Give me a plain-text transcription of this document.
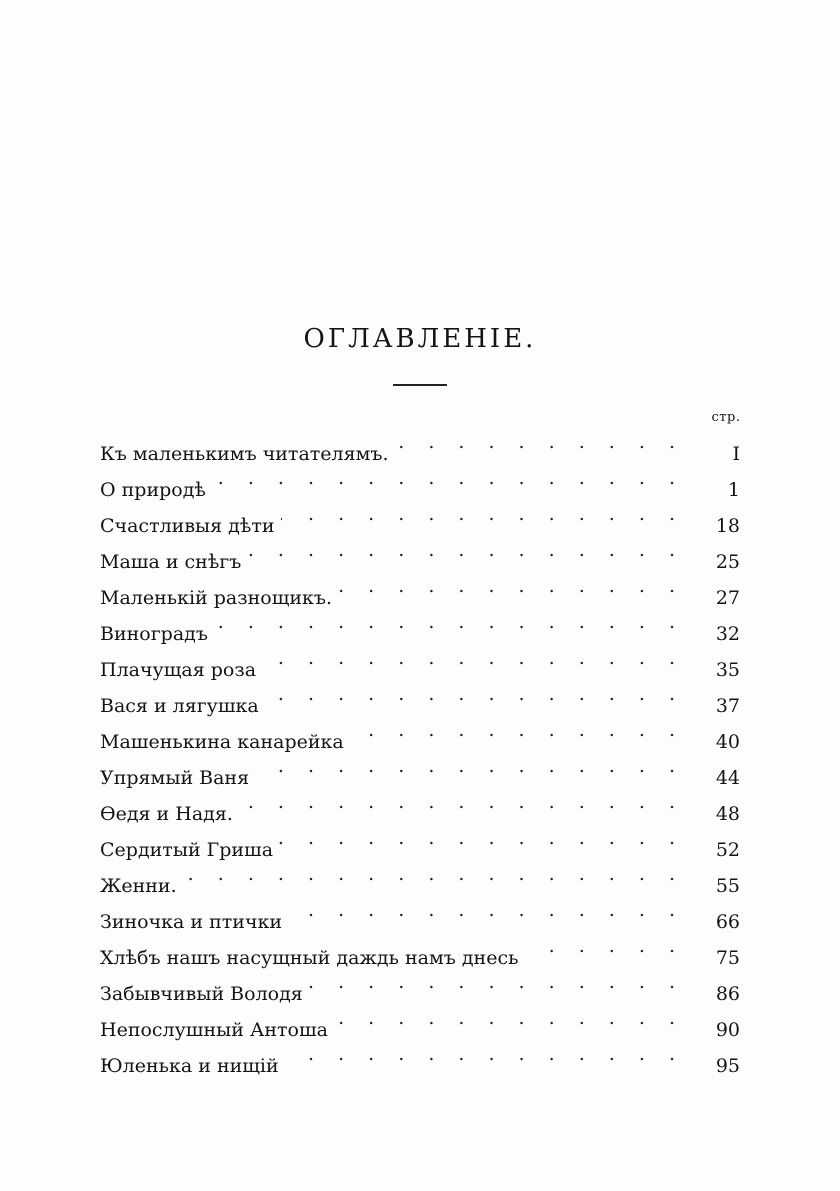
ОГЛАВЛЕНІЕ.
стр.
Къ маленькимъ читателямъ. . . .	I
О природѣ . . .	1
Счастливыя дѣти . . .	18
Маша и снѣгъ . . .	25
Маленькій разнощикъ. . . .	27
Виноградъ . . .	32
Плачущая роза . . .	35
Вася и лягушка . . .	37
Машенькина канарейка . . .	40
Упрямый Ваня . . .	44
Ѳедя и Надя. . . .	48
Сердитый Гриша . . .	52
Женни. . . .	55
Зиночка и птички . . .	66
Хлѣбъ нашъ насущный даждь намъ днесь . . .	75
Забывчивый Володя . . .	86
Непослушный Антоша . . .	90
Юленька и нищій . . .	95
